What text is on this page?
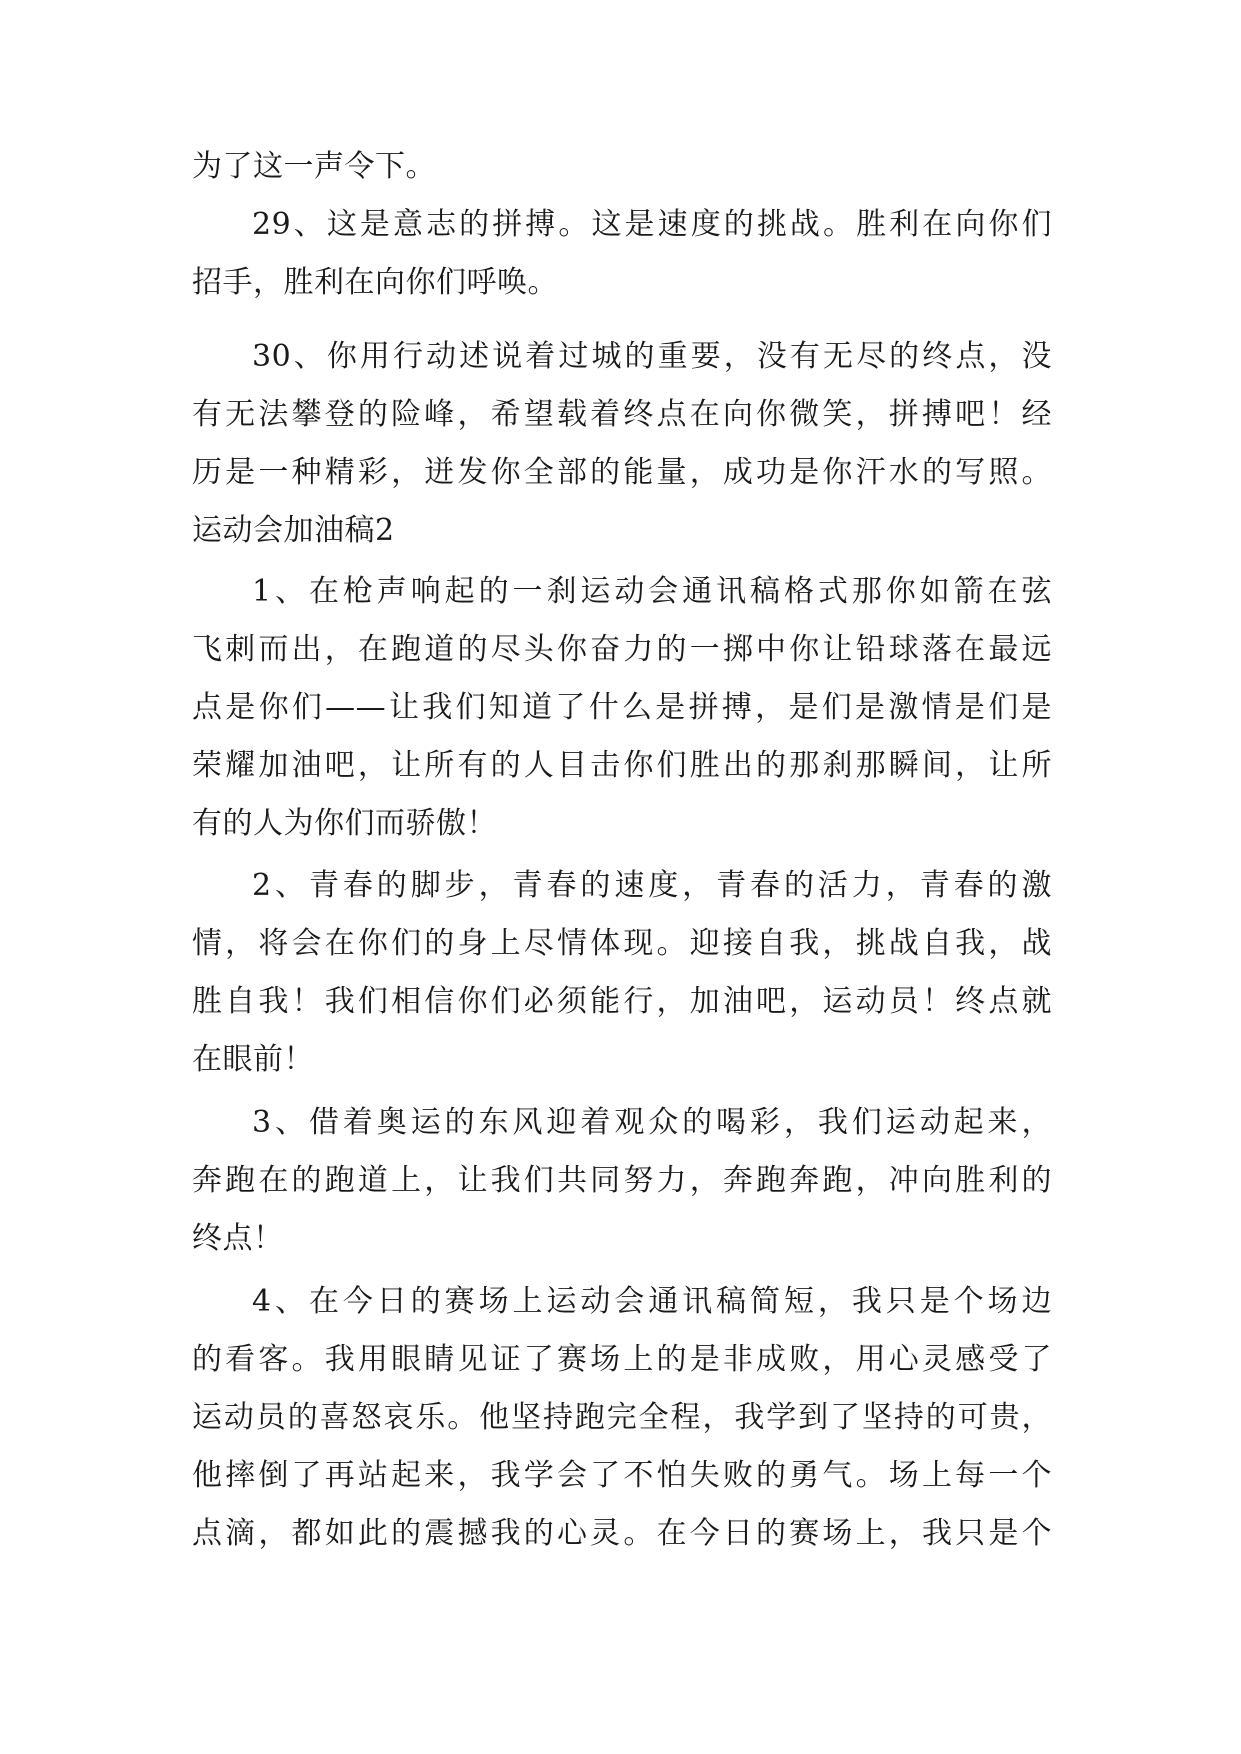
为了这一声令下。
29、这是意志的拼搏。这是速度的挑战。胜利在向你们
招手，胜利在向你们呼唤。
30、你用行动述说着过城的重要，没有无尽的终点，没
有无法攀登的险峰，希望载着终点在向你微笑，拼搏吧！经
历是一种精彩，迸发你全部的能量，成功是你汗水的写照。
运动会加油稿2
1、在枪声响起的一刹运动会通讯稿格式那你如箭在弦
飞刺而出，在跑道的尽头你奋力的一掷中你让铅球落在最远
点是你们——让我们知道了什么是拼搏，是们是激情是们是
荣耀加油吧，让所有的人目击你们胜出的那刹那瞬间，让所
有的人为你们而骄傲！
2、青春的脚步，青春的速度，青春的活力，青春的激
情，将会在你们的身上尽情体现。迎接自我，挑战自我，战
胜自我！我们相信你们必须能行，加油吧，运动员！终点就
在眼前！
3、借着奥运的东风迎着观众的喝彩，我们运动起来，
奔跑在的跑道上，让我们共同努力，奔跑奔跑，冲向胜利的
终点！
4、在今日的赛场上运动会通讯稿简短，我只是个场边
的看客。我用眼睛见证了赛场上的是非成败，用心灵感受了
运动员的喜怒哀乐。他坚持跑完全程，我学到了坚持的可贵，
他摔倒了再站起来，我学会了不怕失败的勇气。场上每一个
点滴，都如此的震撼我的心灵。在今日的赛场上，我只是个
